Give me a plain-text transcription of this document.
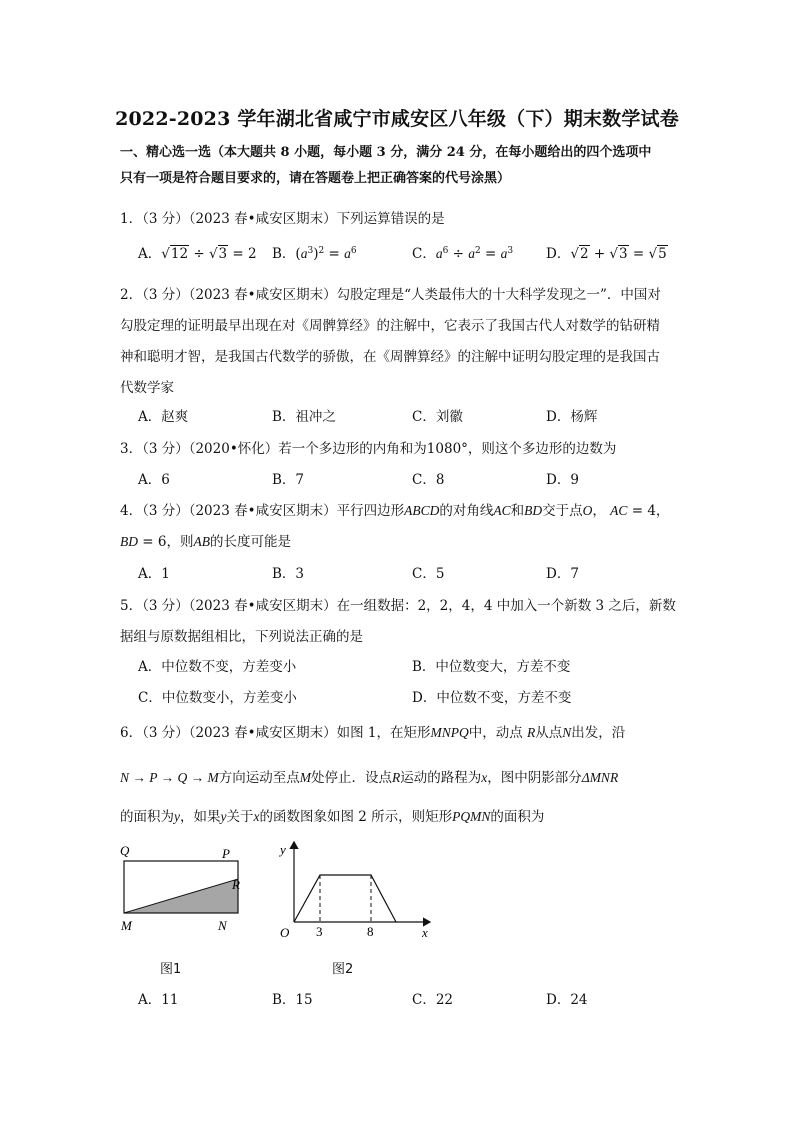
2022-2023 学年湖北省咸宁市咸安区八年级（下）期末数学试卷
一、精心选一选（本大题共 8 小题，每小题 3 分，满分 24 分，在每小题给出的四个选项中
只有一项是符合题目要求的，请在答题卷上把正确答案的代号涂黑）
1．（3 分）（2023 春•咸安区期末）下列运算错误的是
A．√12 ÷ √3 = 2 B．$(a^3)^2 = a^6$	C．$a^6 \div a^2 = a^3$ D．√2 + √3 = √5
2．（3 分）（2023 春•咸安区期末）勾股定理是“人类最伟大的十大科学发现之一”．中国对
勾股定理的证明最早出现在对《周髀算经》的注解中，它表示了我国古代人对数学的钻研精
神和聪明才智，是我国古代数学的骄傲，在《周髀算经》的注解中证明勾股定理的是我国古
代数学家
A．赵爽	B．祖冲之	C．刘徽	D．杨辉
3．（3 分）（2020•怀化）若一个多边形的内角和为1080°，则这个多边形的边数为
A．6	B．7	C．8	D．9
4．（3 分）（2023 春•咸安区期末）平行四边形ABCD的对角线AC和BD交于点O， AC = 4，
BD = 6，则AB的长度可能是
A．1	B．3	C．5	D．7
5．（3 分）（2023 春•咸安区期末）在一组数据：2，2，4，4 中加入一个新数 3 之后，新数
据组与原数据组相比，下列说法正确的是
A．中位数不变，方差变小	B．中位数变大，方差不变
C．中位数变小，方差变小	D．中位数不变，方差不变
6．（3 分）（2023 春•咸安区期末）如图 1，在矩形MNPQ中，动点 R从点N出发，沿
N → P → Q → M方向运动至点M处停止．设点R运动的路程为x，图中阴影部分ΔMNR
的面积为y，如果y关于x的函数图象如图 2 所示，则矩形PQMN的面积为
Q	P
R
M	N
图1
y
O 3	8	x
图2
A．11	B．15	C．22	D．24
